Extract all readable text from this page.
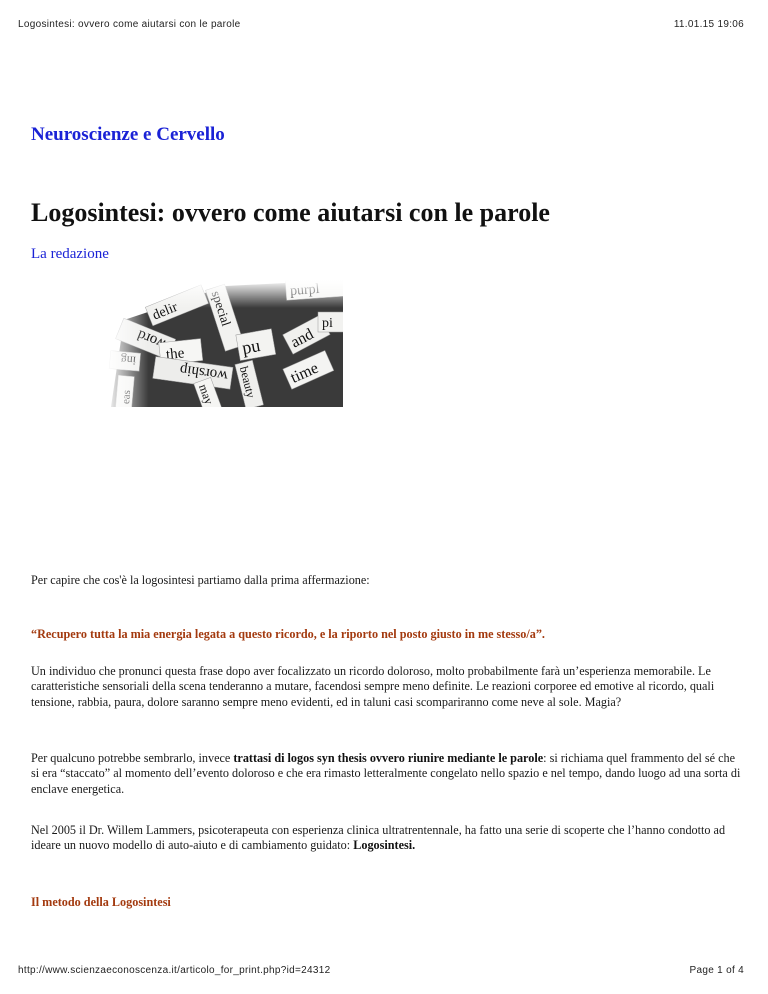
Logosintesi: ovvero come aiutarsi con le parole	11.01.15 19:06
Neuroscienze e Cervello
Logosintesi: ovvero come aiutarsi con le parole
La redazione

Per capire che cos'è la logosintesi partiamo dalla prima affermazione:

“Recupero tutta la mia energia legata a questo ricordo, e la riporto nel posto giusto in me stesso/a”.

Un individuo che pronunci questa frase dopo aver focalizzato un ricordo doloroso, molto probabilmente farà un’esperienza memorabile. Le caratteristiche sensoriali della scena tenderanno a mutare, facendosi sempre meno definite. Le reazioni corporee ed emotive al ricordo, quali tensione, rabbia, paura, dolore saranno sempre meno evidenti, ed in taluni casi scompariranno come neve al sole. Magia?

Per qualcuno potrebbe sembrarlo, invece trattasi di logos syn thesis ovvero riunire mediante le parole: si richiama quel frammento del sé che si era “staccato” al momento dell’evento doloroso e che era rimasto letteralmente congelato nello spazio e nel tempo, dando luogo ad una sorta di enclave energetica.

Nel 2005 il Dr. Willem Lammers, psicoterapeuta con esperienza clinica ultratrentennale, ha fatto una serie di scoperte che l’hanno condotto ad ideare un nuovo modello di auto-aiuto e di cambiamento guidato: Logosintesi.

Il metodo della Logosintesi
http://www.scienzaeconoscenza.it/articolo_for_print.php?id=24312	Page 1 of 4
